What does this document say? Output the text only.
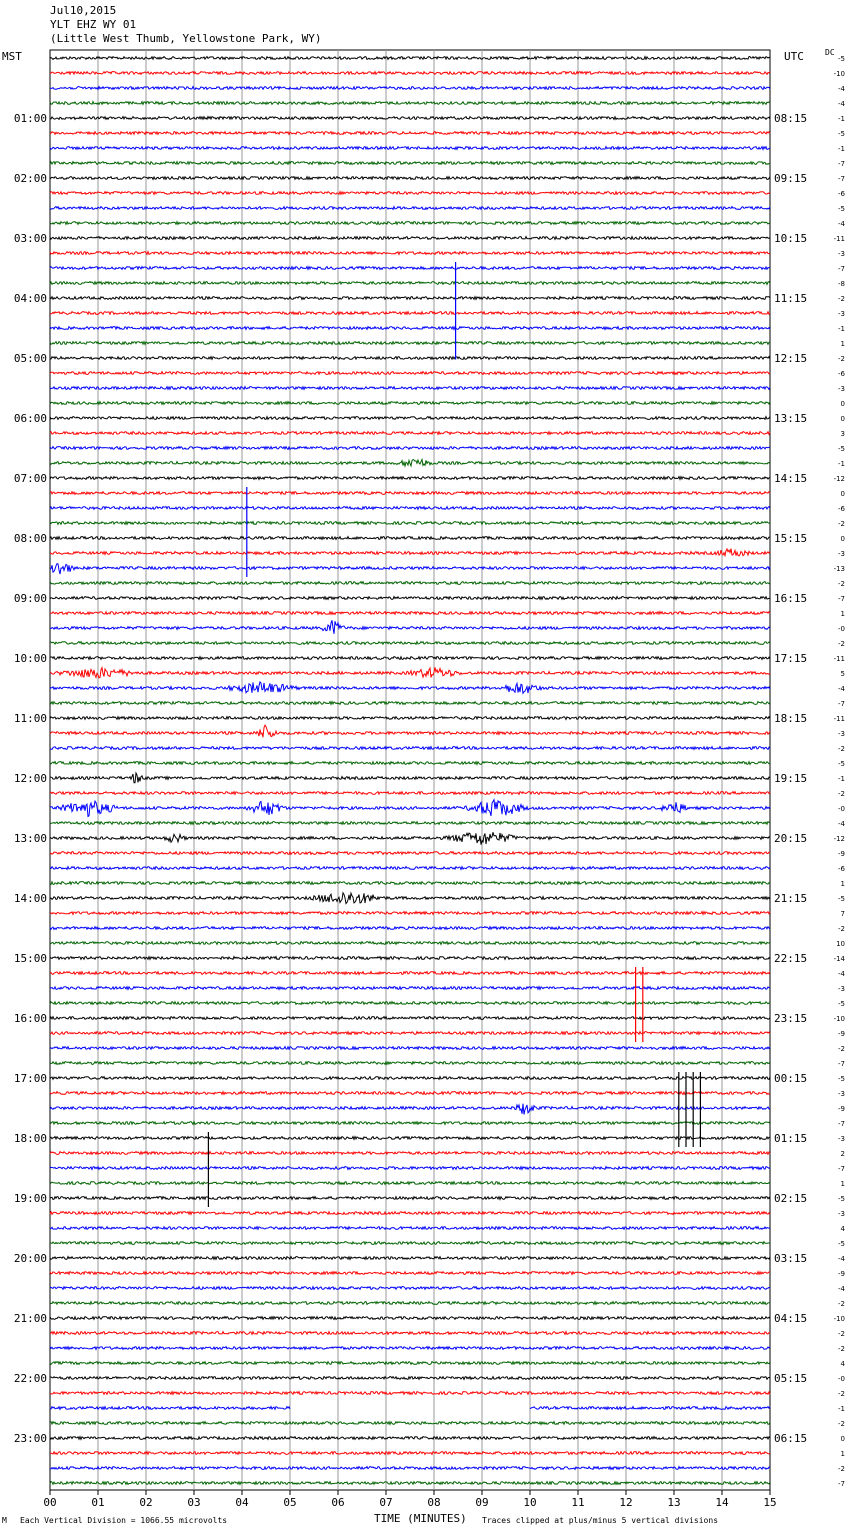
Jul10,2015
YLT EHZ WY 01
(Little West Thumb, Yellowstone Park, WY)
MST	UTC	DC
00	01	02	03	04	05	06	07	08	09	10	11	12	13	14	15
-5
-10
-4
-4
-1
-5
-1
-7
-7
-6
-5
-4
-11
-3
-7
-8
-2
-3
-1
1
-2
-6
-3
0
0
3
-5
-1
-12
0
-6
-2
0
-3
-13
-2
-7
1
-0
-2
-11
5
-4
-7
-11
-3
-2
-5
-1
-2
-0
-4
-12
-9
-6
1
-5
7
-2
10
-14
-4
-3
-5
-10
-9
-2
-7
-5
-3
-9
-7
-3
2
-7
1
-5
-3
4
-5
-4
-9
-4
-2
-10
-2
-2
4
-0
-2
-1
-2
0
1
-2
-7
01:00
02:00
03:00
04:00
05:00
06:00
07:00
08:00
09:00
10:00
11:00
12:00
13:00
14:00
15:00
16:00
17:00
18:00
19:00
20:00
21:00
22:00
23:00
08:15
09:15
10:15
11:15
12:15
13:15
14:15
15:15
16:15
17:15
18:15
19:15
20:15
21:15
22:15
23:15
00:15
01:15
02:15
03:15
04:15
05:15
06:15
M Each Vertical Division = 1066.55 microvolts	TIME (MINUTES) Traces clipped at plus/minus 5 vertical divisions
